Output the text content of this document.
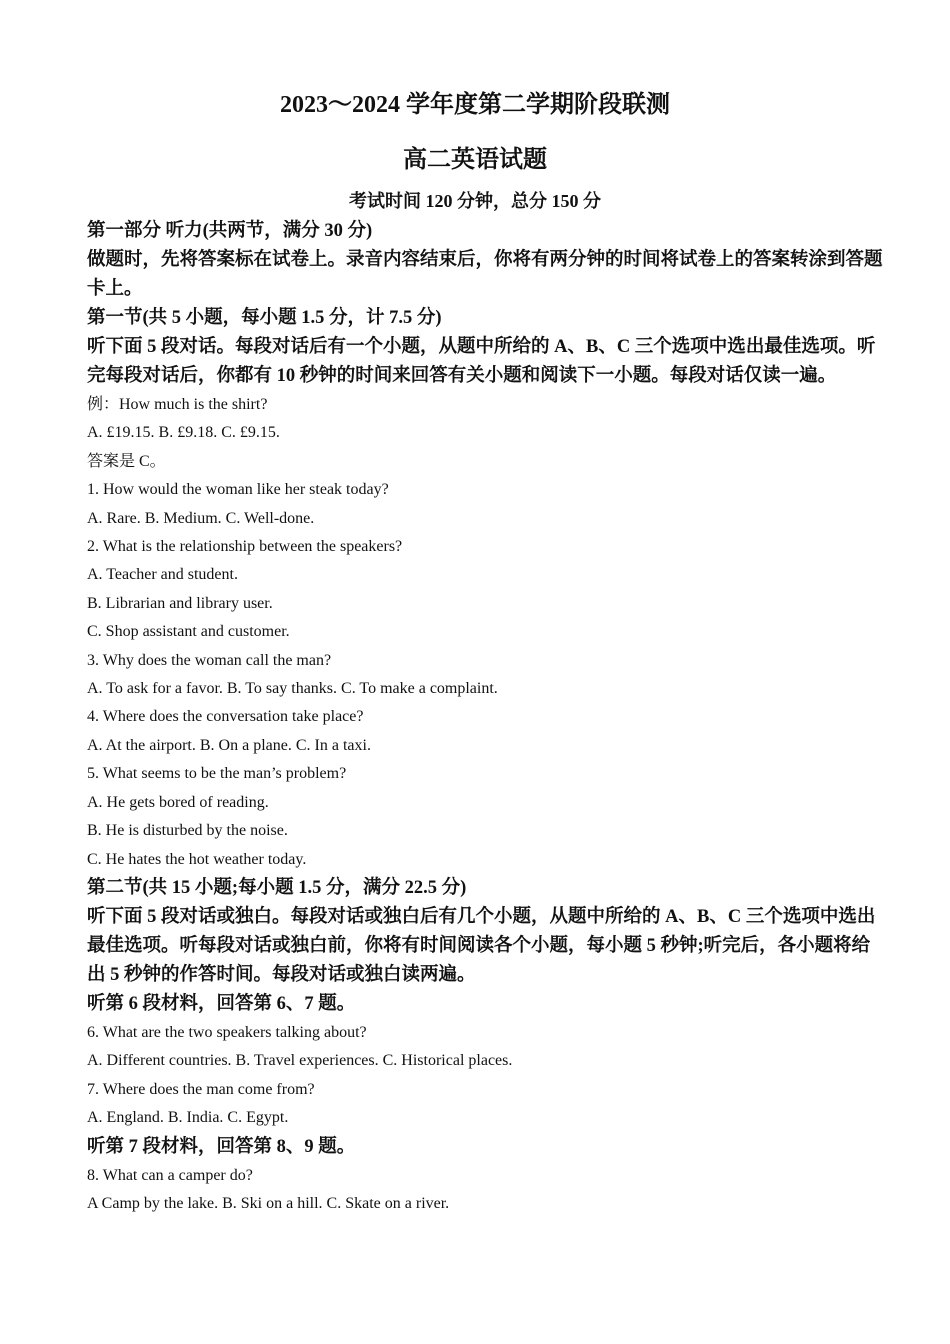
2023～2024 学年度第二学期阶段联测
高二英语试题
考试时间 120 分钟，总分 150 分

第一部分 听力(共两节，满分 30 分)

做题时，先将答案标在试卷上。录音内容结束后，你将有两分钟的时间将试卷上的答案转涂到答题卡上。

第一节(共 5 小题，每小题 1.5 分，计 7.5 分)

听下面 5 段对话。每段对话后有一个小题，从题中所给的 A、B、C 三个选项中选出最佳选项。听完每段对话后，你都有 10 秒钟的时间来回答有关小题和阅读下一小题。每段对话仅读一遍。

例：How much is the shirt?

A. £19.15. B. £9.18. C. £9.15.

答案是 C。

1. How would the woman like her steak today?

A. Rare. B. Medium. C. Well-done.

2. What is the relationship between the speakers?

A. Teacher and student.

B. Librarian and library user.

C. Shop assistant and customer.

3. Why does the woman call the man?

A. To ask for a favor. B. To say thanks. C. To make a complaint.

4. Where does the conversation take place?

A. At the airport. B. On a plane. C. In a taxi.

5. What seems to be the man’s problem?

A. He gets bored of reading.

B. He is disturbed by the noise.

C. He hates the hot weather today.

第二节(共 15 小题;每小题 1.5 分，满分 22.5 分)

听下面 5 段对话或独白。每段对话或独白后有几个小题，从题中所给的 A、B、C 三个选项中选出最佳选项。听每段对话或独白前，你将有时间阅读各个小题，每小题 5 秒钟;听完后，各小题将给出 5 秒钟的作答时间。每段对话或独白读两遍。

听第 6 段材料，回答第 6、7 题。

6. What are the two speakers talking about?

A. Different countries. B. Travel experiences. C. Historical places.

7. Where does the man come from?

A. England. B. India. C. Egypt.

听第 7 段材料，回答第 8、9 题。

8. What can a camper do?

A Camp by the lake. B. Ski on a hill. C. Skate on a river.
